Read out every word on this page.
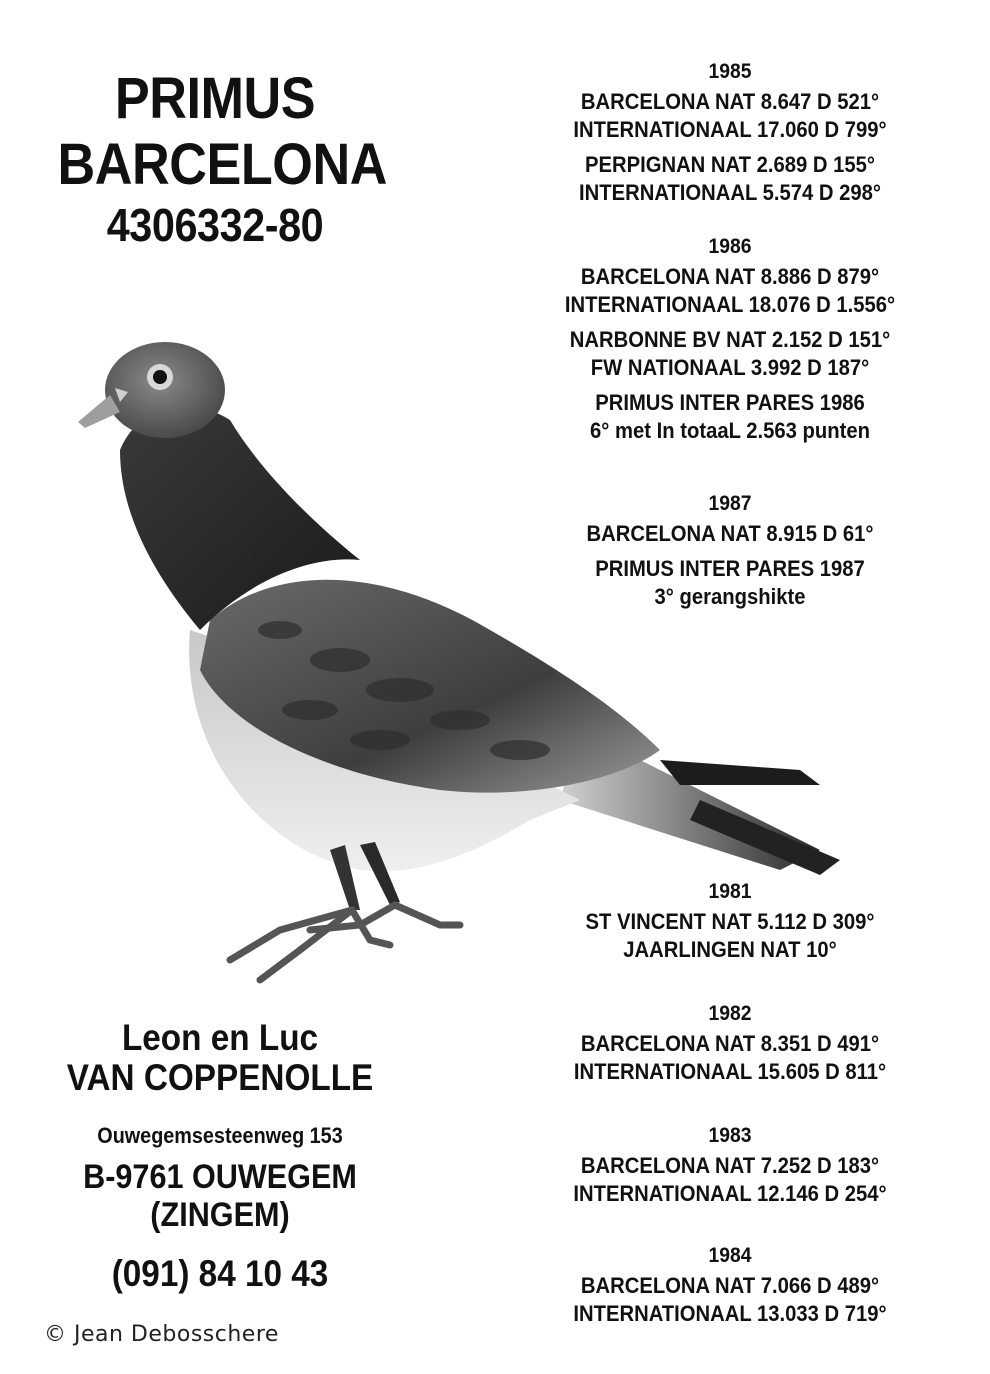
PRIMUS
BARCELONA
4306332-80
1985
BARCELONA NAT 8.647 D 521°
INTERNATIONAAL 17.060 D 799°
PERPIGNAN NAT 2.689 D 155°
INTERNATIONAAL 5.574 D 298°
1986
BARCELONA NAT 8.886 D 879°
INTERNATIONAAL 18.076 D 1.556°
NARBONNE BV NAT 2.152 D 151°
FW NATIONAAL 3.992 D 187°
PRIMUS INTER PARES 1986
6° met In totaaL 2.563 punten
1987
BARCELONA NAT 8.915 D 61°
PRIMUS INTER PARES 1987
3° gerangshikte
1981
ST VINCENT NAT 5.112 D 309°
JAARLINGEN NAT 10°
1982
BARCELONA NAT 8.351 D 491°
INTERNATIONAAL 15.605 D 811°
1983
BARCELONA NAT 7.252 D 183°
INTERNATIONAAL 12.146 D 254°
1984
BARCELONA NAT 7.066 D 489°
INTERNATIONAAL 13.033 D 719°
Leon en Luc
VAN COPPENOLLE
Ouwegemsesteenweg 153
B-9761 OUWEGEM
(ZINGEM)
(091) 84 10 43
© Jean Debosschere
